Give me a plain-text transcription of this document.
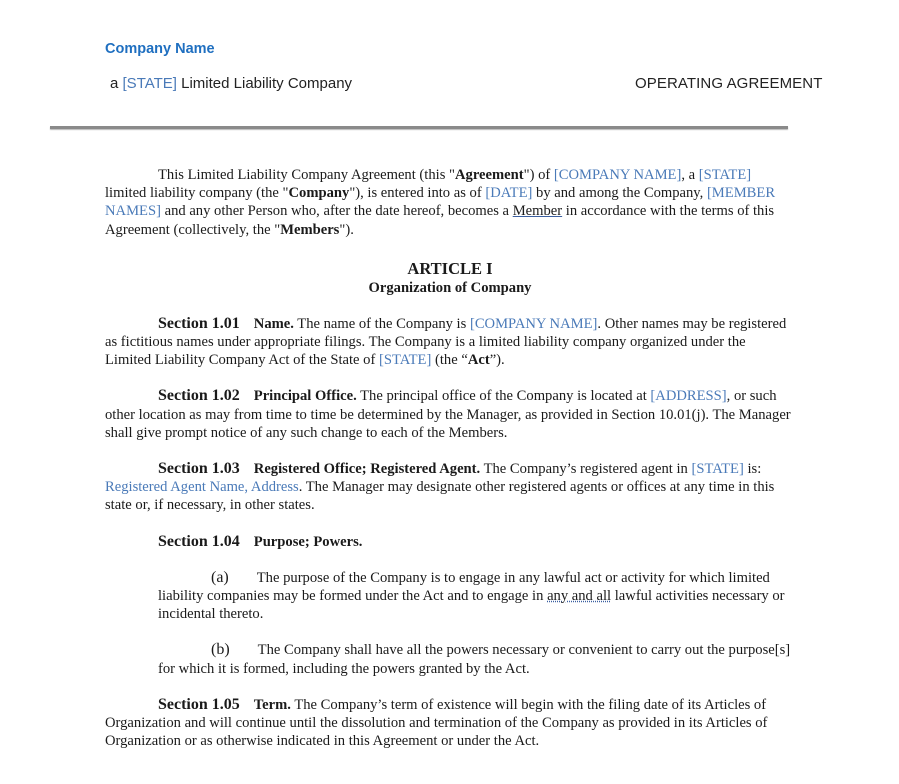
Company Name
a [STATE] Limited Liability Company	OPERATING AGREEMENT

This Limited Liability Company Agreement (this "Agreement") of [COMPANY NAME], a [STATE] limited liability company (the "Company"), is entered into as of [DATE] by and among the Company, [MEMBER NAMES] and any other Person who, after the date hereof, becomes a Member in accordance with the terms of this Agreement (collectively, the "Members").

ARTICLE I
Organization of Company

Section 1.01 Name. The name of the Company is [COMPANY NAME]. Other names may be registered as fictitious names under appropriate filings. The Company is a limited liability company organized under the Limited Liability Company Act of the State of [STATE] (the “Act”).

Section 1.02 Principal Office. The principal office of the Company is located at [ADDRESS], or such other location as may from time to time be determined by the Manager, as provided in Section 10.01(j). The Manager shall give prompt notice of any such change to each of the Members.

Section 1.03 Registered Office; Registered Agent. The Company’s registered agent in [STATE] is: Registered Agent Name, Address. The Manager may designate other registered agents or offices at any time in this state or, if necessary, in other states.

Section 1.04 Purpose; Powers.

(a) The purpose of the Company is to engage in any lawful act or activity for which limited liability companies may be formed under the Act and to engage in any and all lawful activities necessary or incidental thereto.

(b) The Company shall have all the powers necessary or convenient to carry out the purpose[s] for which it is formed, including the powers granted by the Act.

Section 1.05 Term. The Company’s term of existence will begin with the filing date of its Articles of Organization and will continue until the dissolution and termination of the Company as provided in its Articles of Organization or as otherwise indicated in this Agreement or under the Act.
